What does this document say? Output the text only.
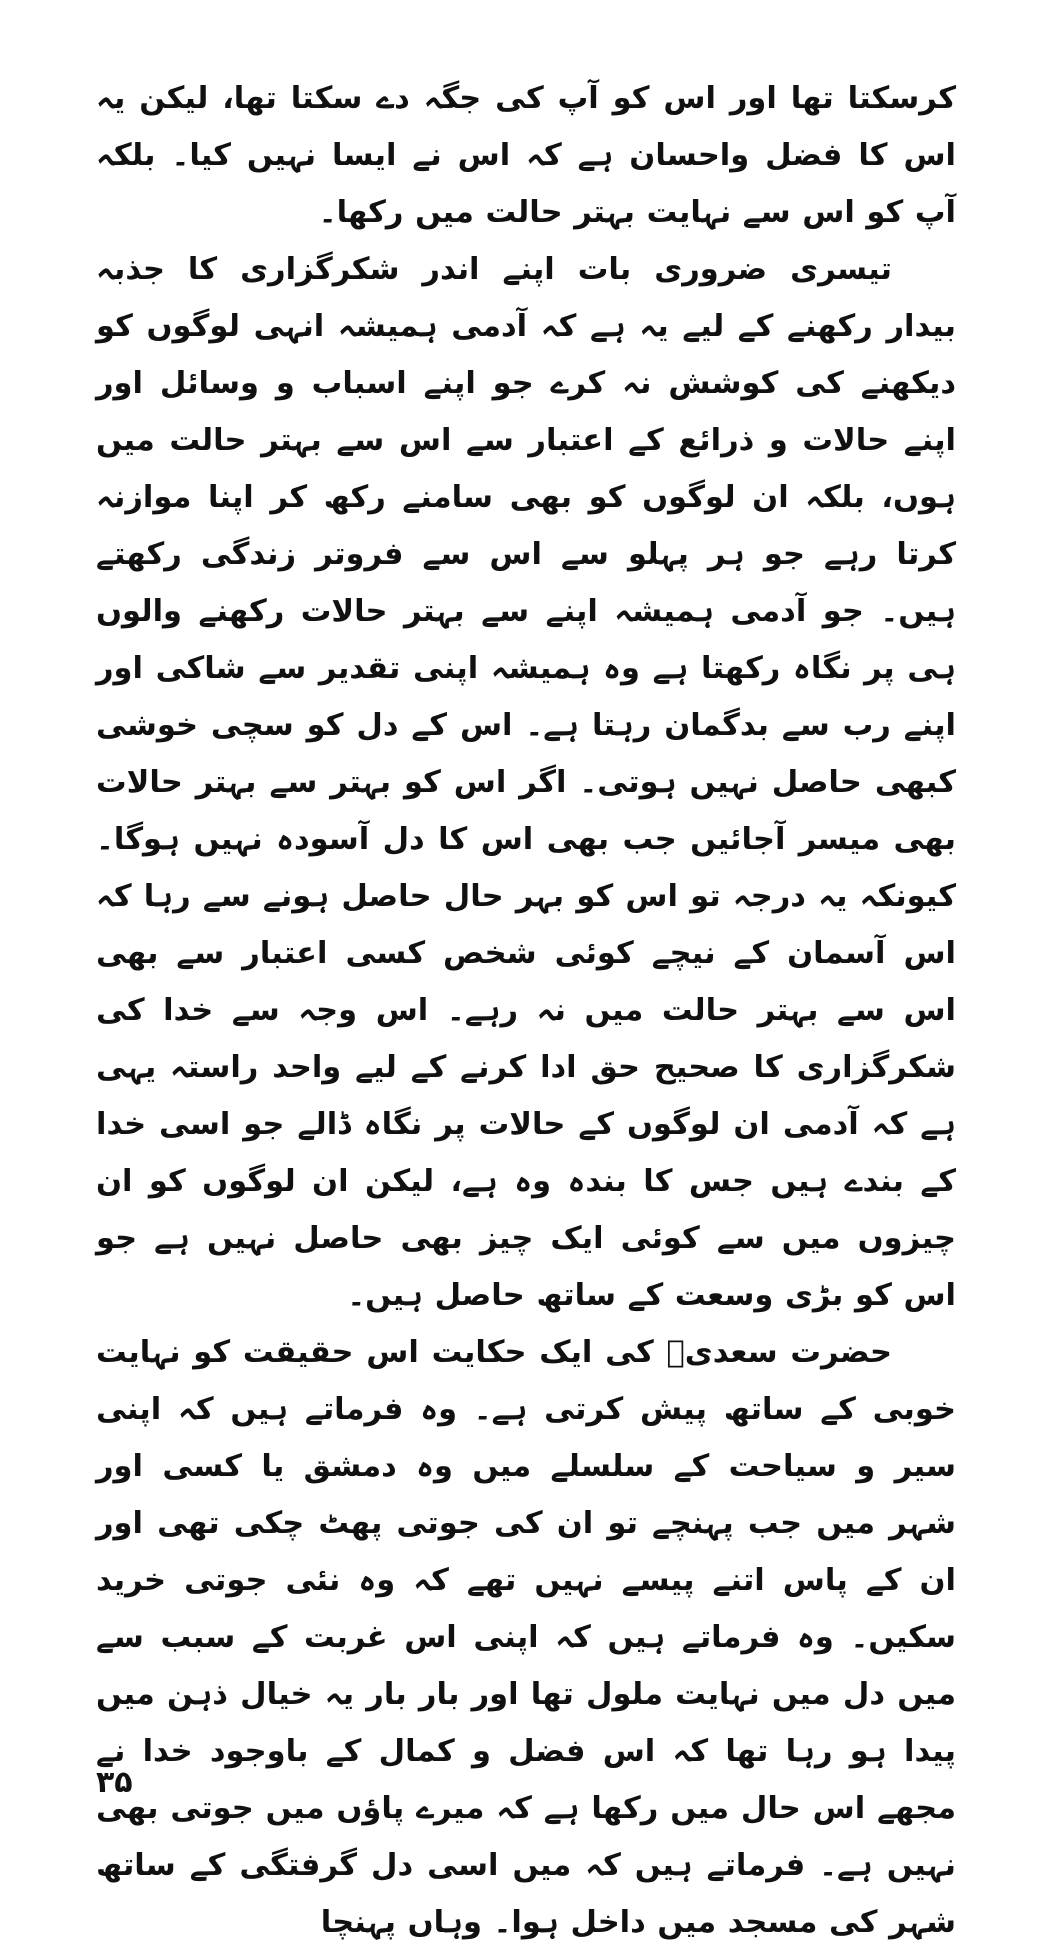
کرسکتا تھا اور اس کو آپ کی جگہ دے سکتا تھا، لیکن یہ اس کا فضل واحسان ہے کہ اس نے ایسا نہیں کیا۔ بلکہ آپ کو اس سے نہایت بہتر حالت میں رکھا۔

تیسری ضروری بات اپنے اندر شکرگزاری کا جذبہ بیدار رکھنے کے لیے یہ ہے کہ آدمی ہمیشہ انہی لوگوں کو دیکھنے کی کوشش نہ کرے جو اپنے اسباب و وسائل اور اپنے حالات و ذرائع کے اعتبار سے اس سے بہتر حالت میں ہوں، بلکہ ان لوگوں کو بھی سامنے رکھ کر اپنا موازنہ کرتا رہے جو ہر پہلو سے اس سے فروتر زندگی رکھتے ہیں۔ جو آدمی ہمیشہ اپنے سے بہتر حالات رکھنے والوں ہی پر نگاہ رکھتا ہے وہ ہمیشہ اپنی تقدیر سے شاکی اور اپنے رب سے بدگمان رہتا ہے۔ اس کے دل کو سچی خوشی کبھی حاصل نہیں ہوتی۔ اگر اس کو بہتر سے بہتر حالات بھی میسر آجائیں جب بھی اس کا دل آسودہ نہیں ہوگا۔ کیونکہ یہ درجہ تو اس کو بہر حال حاصل ہونے سے رہا کہ اس آسمان کے نیچے کوئی شخص کسی اعتبار سے بھی اس سے بہتر حالت میں نہ رہے۔ اس وجہ سے خدا کی شکرگزاری کا صحیح حق ادا کرنے کے لیے واحد راستہ یہی ہے کہ آدمی ان لوگوں کے حالات پر نگاہ ڈالے جو اسی خدا کے بندے ہیں جس کا بندہ وہ ہے، لیکن ان لوگوں کو ان چیزوں میں سے کوئی ایک چیز بھی حاصل نہیں ہے جو اس کو بڑی وسعت کے ساتھ حاصل ہیں۔

حضرت سعدیؒ کی ایک حکایت اس حقیقت کو نہایت خوبی کے ساتھ پیش کرتی ہے۔ وہ فرماتے ہیں کہ اپنی سیر و سیاحت کے سلسلے میں وہ دمشق یا کسی اور شہر میں جب پہنچے تو ان کی جوتی پھٹ چکی تھی اور ان کے پاس اتنے پیسے نہیں تھے کہ وہ نئی جوتی خرید سکیں۔ وہ فرماتے ہیں کہ اپنی اس غربت کے سبب سے میں دل میں نہایت ملول تھا اور بار بار یہ خیال ذہن میں پیدا ہو رہا تھا کہ اس فضل و کمال کے باوجود خدا نے مجھے اس حال میں رکھا ہے کہ میرے پاؤں میں جوتی بھی نہیں ہے۔ فرماتے ہیں کہ میں اسی دل گرفتگی کے ساتھ شہر کی مسجد میں داخل ہوا۔ وہاں پہنچا

۳۵
